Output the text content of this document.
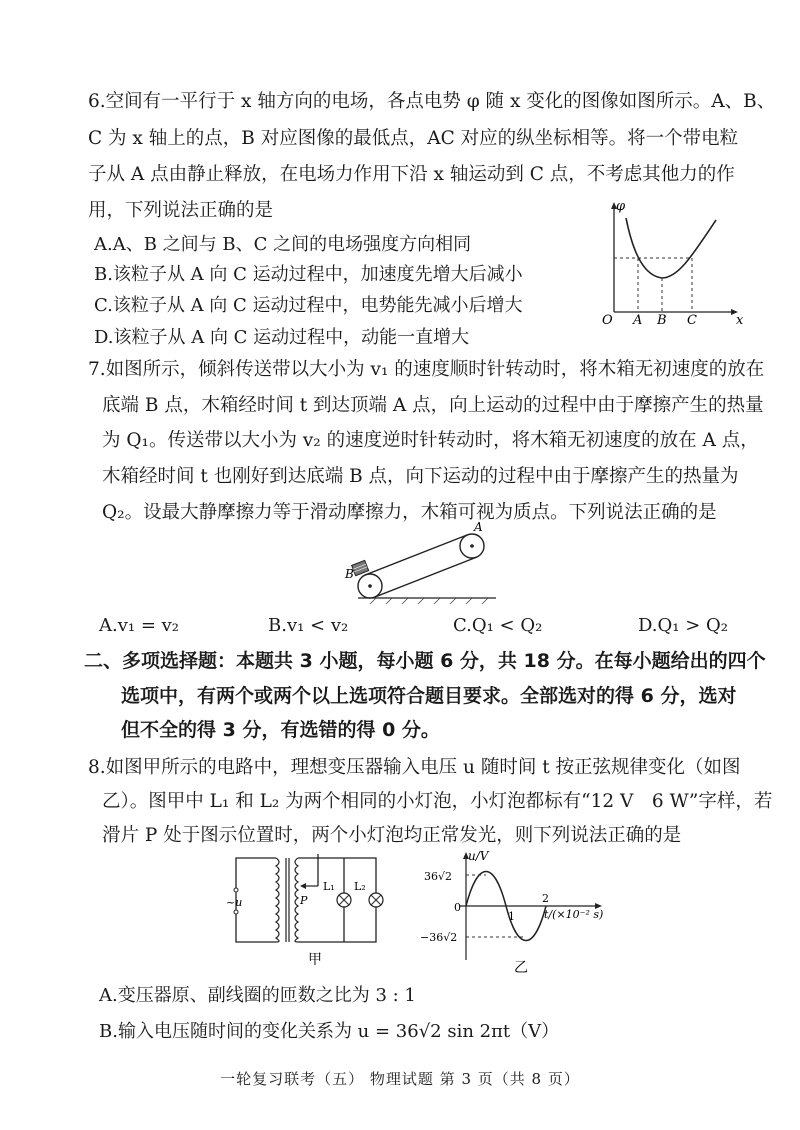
6.空间有一平行于 x 轴方向的电场，各点电势 φ 随 x 变化的图像如图所示。A、B、
C 为 x 轴上的点，B 对应图像的最低点，AC 对应的纵坐标相等。将一个带电粒
子从 A 点由静止释放，在电场力作用下沿 x 轴运动到 C 点，不考虑其他力的作
用，下列说法正确的是
A.A、B 之间与 B、C 之间的电场强度方向相同
B.该粒子从 A 向 C 运动过程中，加速度先增大后减小
C.该粒子从 A 向 C 运动过程中，电势能先减小后增大
D.该粒子从 A 向 C 运动过程中，动能一直增大
φ
x
O A B C
7.如图所示，倾斜传送带以大小为 v₁ 的速度顺时针转动时，将木箱无初速度的放在
底端 B 点，木箱经时间 t 到达顶端 A 点，向上运动的过程中由于摩擦产生的热量
为 Q₁。传送带以大小为 v₂ 的速度逆时针转动时，将木箱无初速度的放在 A 点，
木箱经时间 t 也刚好到达底端 B 点，向下运动的过程中由于摩擦产生的热量为
Q₂。设最大静摩擦力等于滑动摩擦力，木箱可视为质点。下列说法正确的是
A
B
A.v₁ = v₂	B.v₁ < v₂	C.Q₁ < Q₂	D.Q₁ > Q₂
二、多项选择题：本题共 3 小题，每小题 6 分，共 18 分。在每小题给出的四个
选项中，有两个或两个以上选项符合题目要求。全部选对的得 6 分，选对
但不全的得 3 分，有选错的得 0 分。
8.如图甲所示的电路中，理想变压器输入电压 u 随时间 t 按正弦规律变化（如图
乙）。图甲中 L₁ 和 L₂ 为两个相同的小灯泡，小灯泡都标有“12 V　6 W”字样，若
滑片 P 处于图示位置时，两个小灯泡均正常发光，则下列说法正确的是
~u	P
L₁ L₂
甲
u/V
36√2
−36√2
0
1
2
t/(×10⁻² s)
乙
A.变压器原、副线圈的匝数之比为 3 : 1
B.输入电压随时间的变化关系为 u = 36√2 sin 2πt（V）
一轮复习联考（五） 物理试题 第 3 页（共 8 页）
